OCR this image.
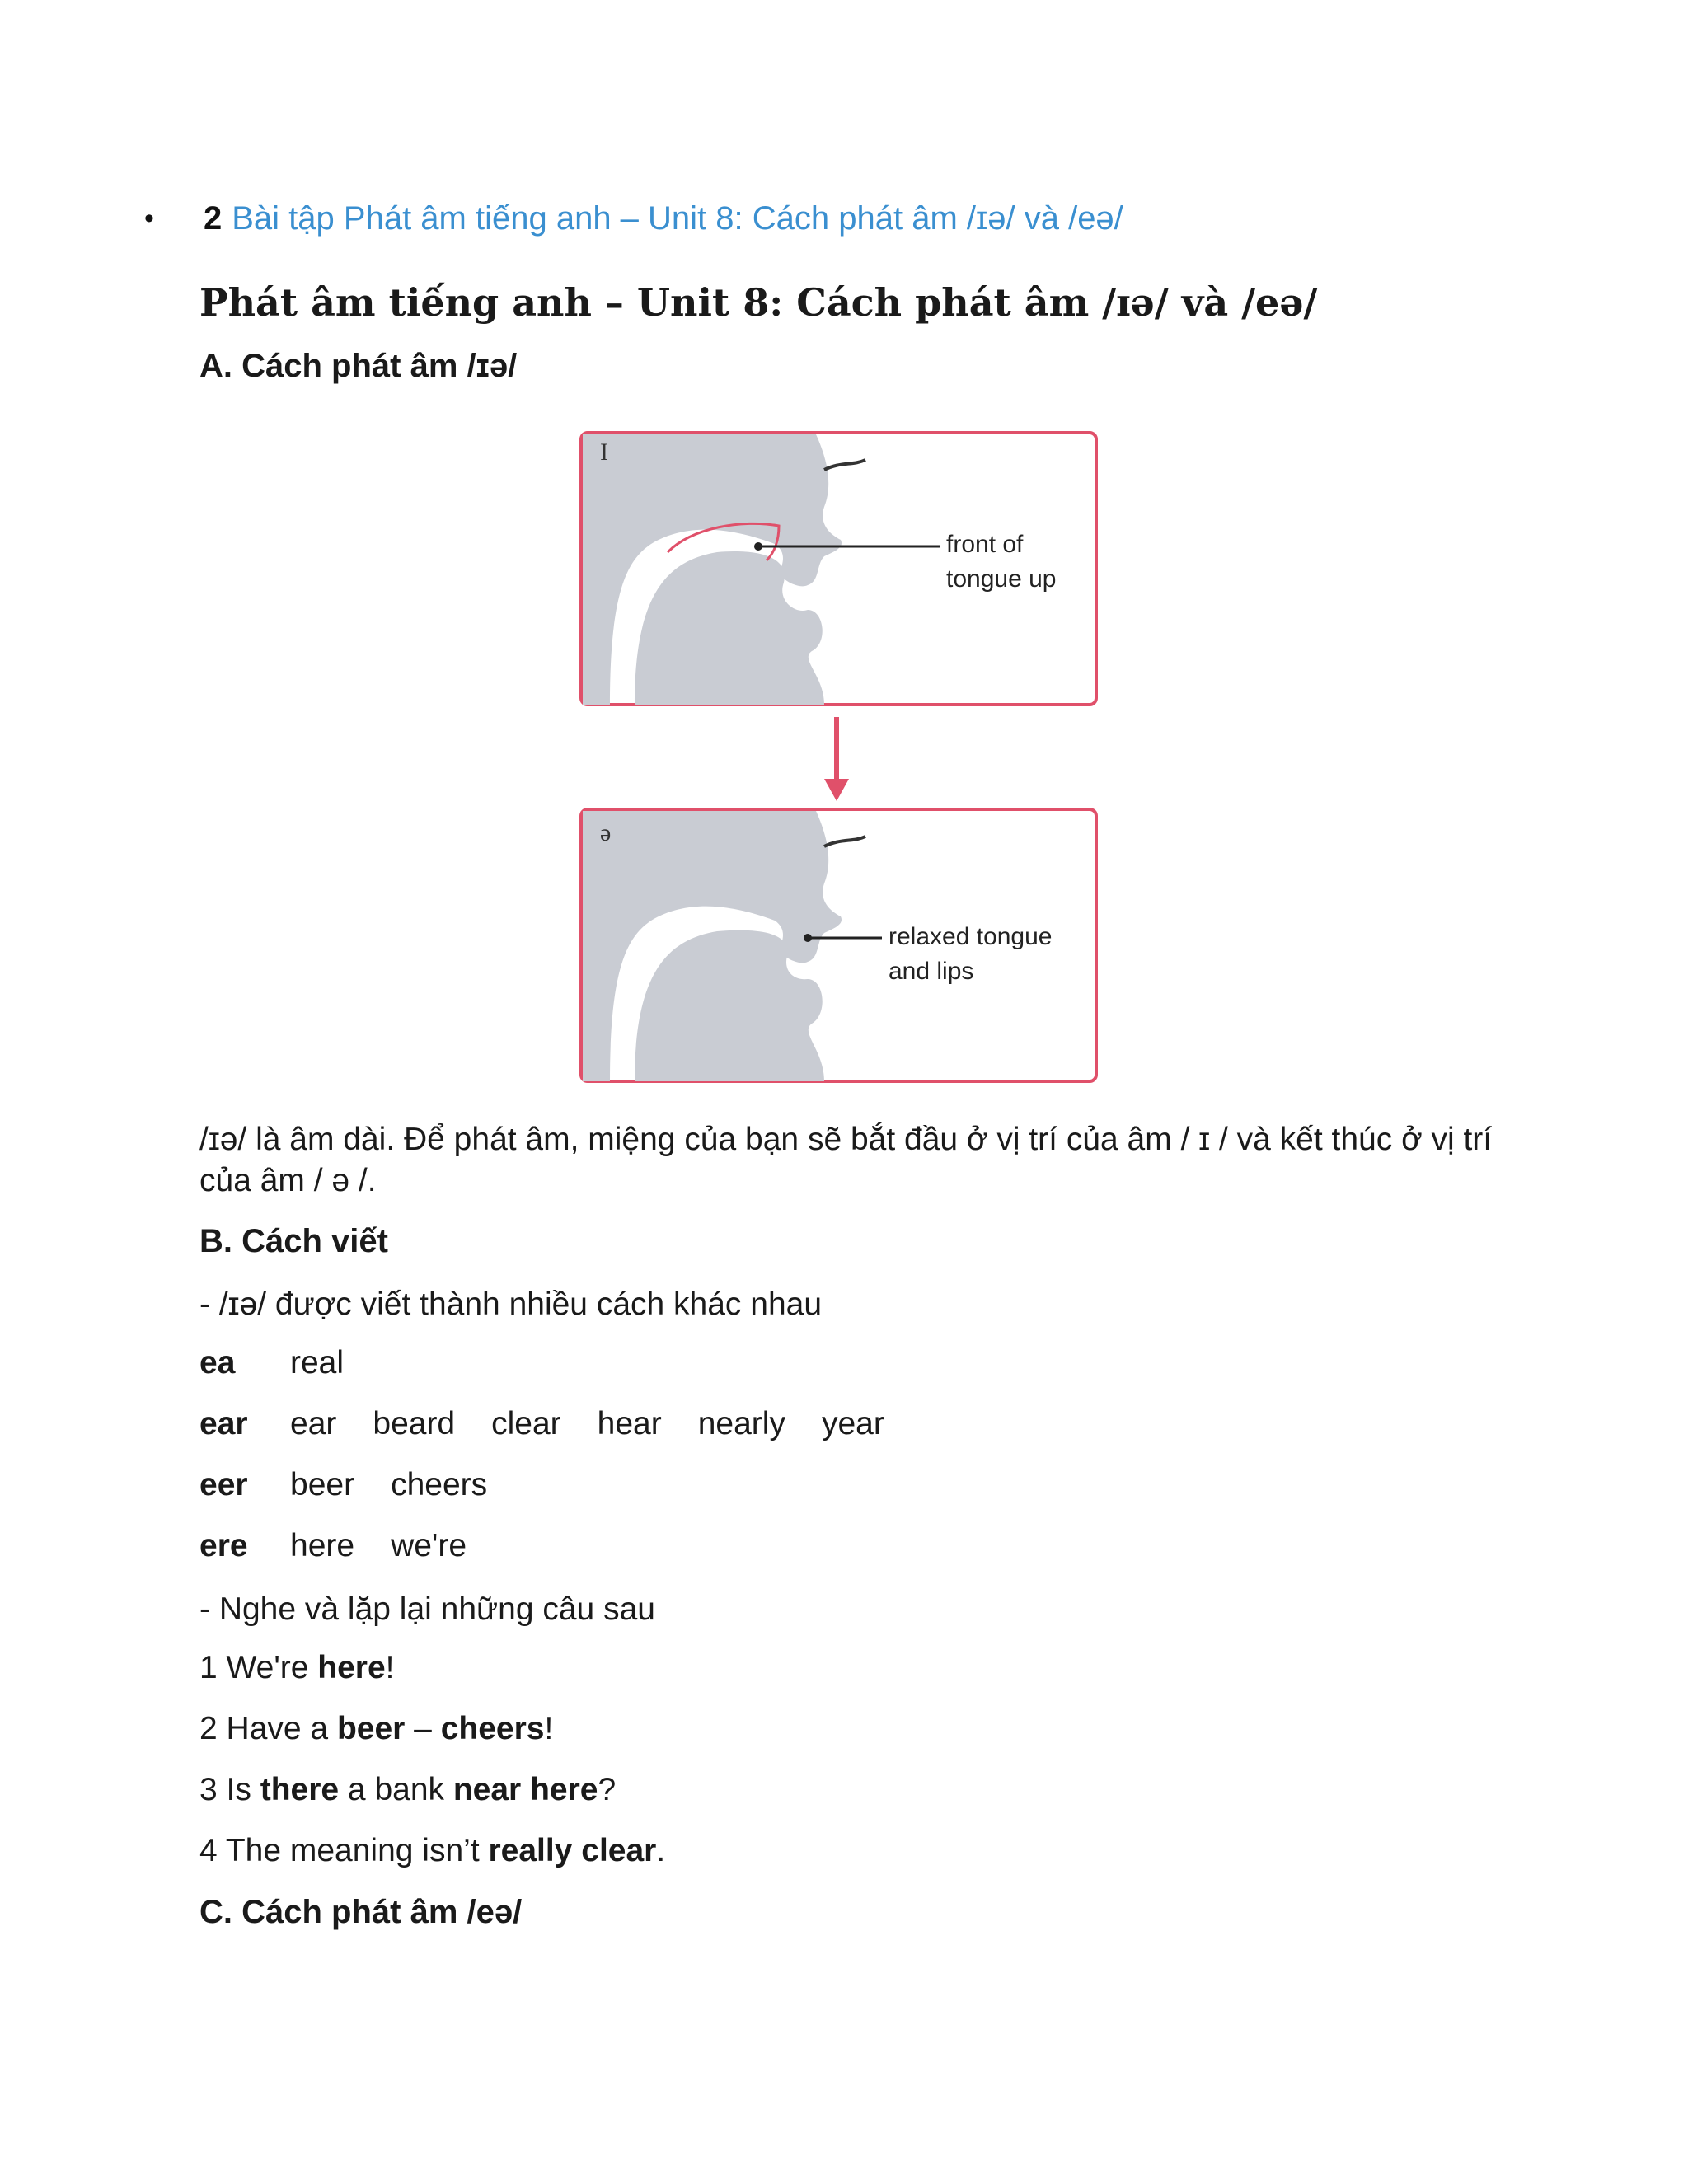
•	2 Bài tập Phát âm tiếng anh – Unit 8: Cách phát âm /ɪə/ và /eə/
Phát âm tiếng anh – Unit 8: Cách phát âm /ɪə/ và /eə/
A. Cách phát âm /ɪə/
I
front of
tongue up
ə
relaxed tongue
and lips

/ɪə/ là âm dài. Để phát âm, miệng của bạn sẽ bắt đầu ở vị trí của âm / ɪ / và kết thúc ở vị trí của âm / ə /.

B. Cách viết
- /ɪə/ được viết thành nhiều cách khác nhau
ea	real
ear	ear beard clear hear nearly year
eer	beer cheers
ere	here we're
- Nghe và lặp lại những câu sau
1 We're here!
2 Have a beer – cheers!
3 Is there a bank near here?
4 The meaning isn’t really clear.
C. Cách phát âm /eə/
